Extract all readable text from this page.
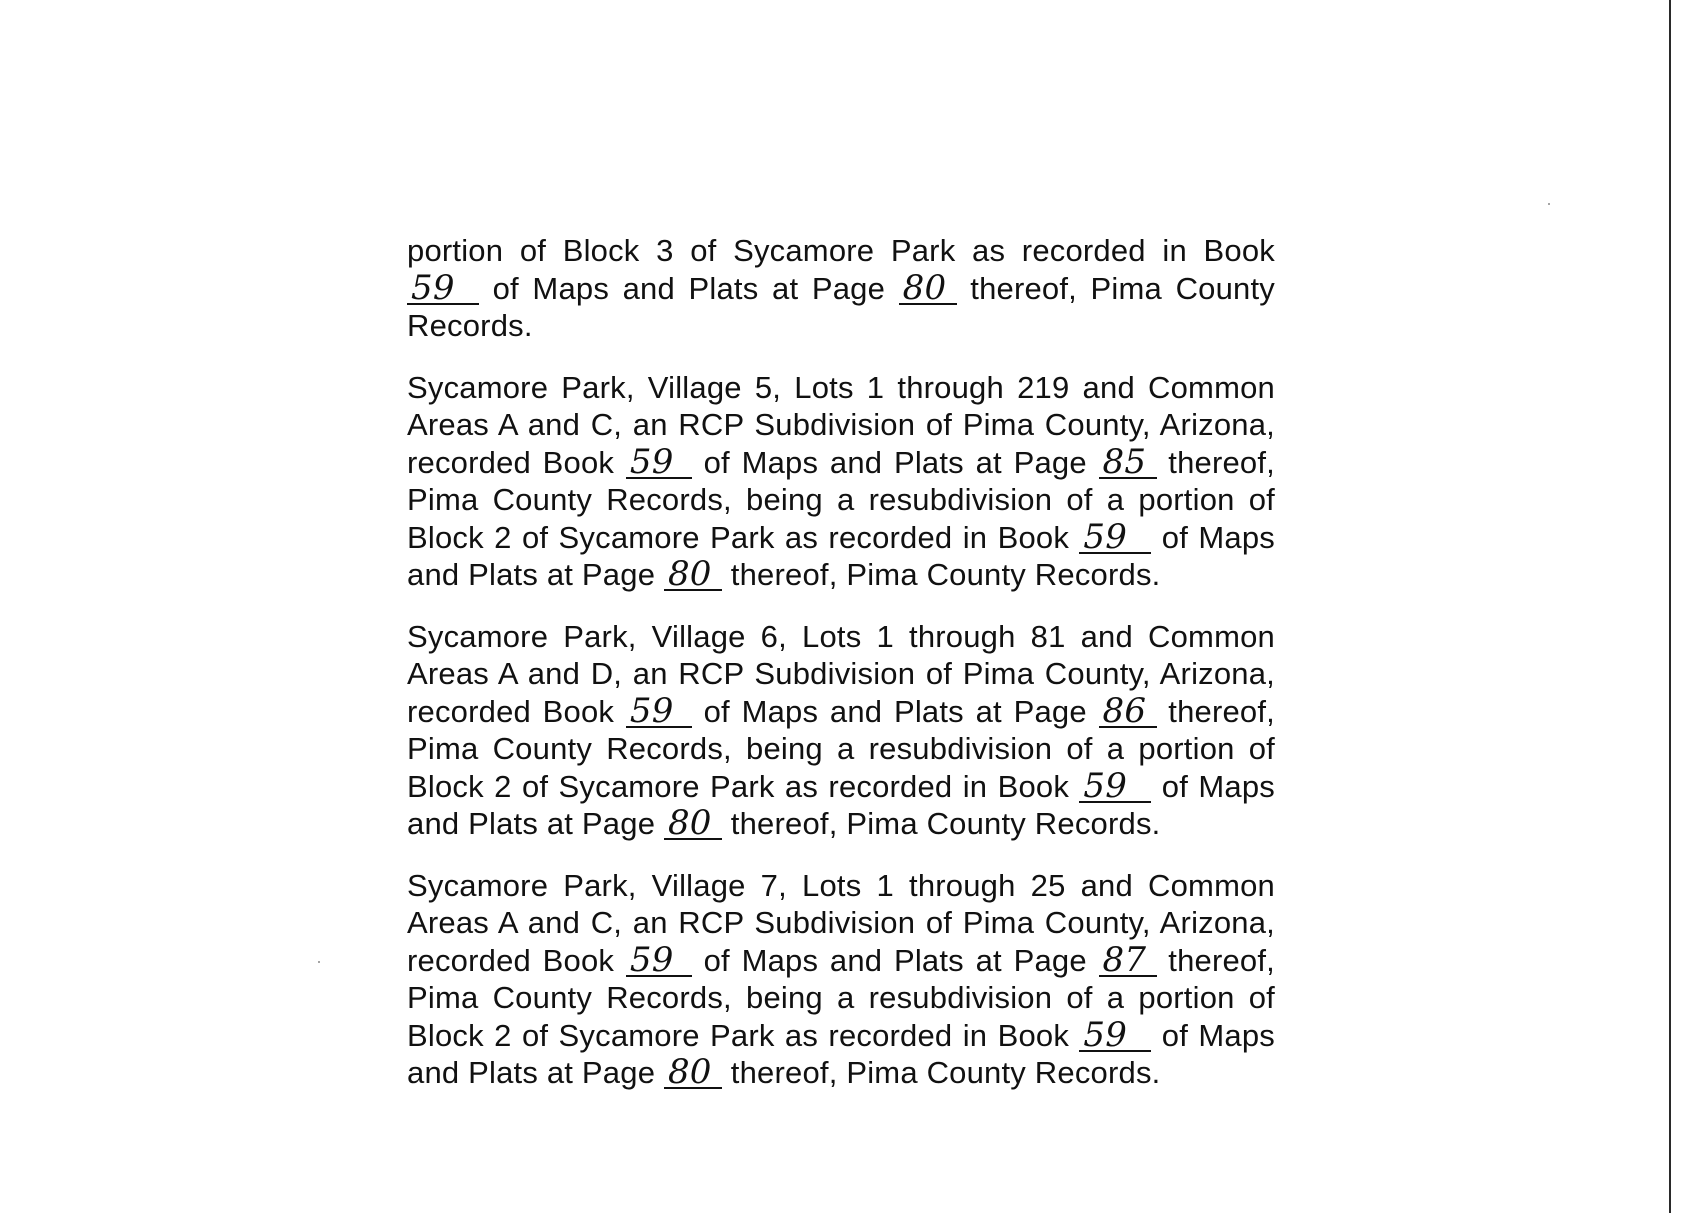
portion of Block 3 of Sycamore Park as recorded in Book 59 of Maps and Plats at Page 80 thereof, Pima County Records.

Sycamore Park, Village 5, Lots 1 through 219 and Common Areas A and C, an RCP Subdivision of Pima County, Arizona, recorded Book 59 of Maps and Plats at Page 85 thereof, Pima County Records, being a resubdivision of a portion of Block 2 of Sycamore Park as recorded in Book 59 of Maps and Plats at Page 80 thereof, Pima County Records.

Sycamore Park, Village 6, Lots 1 through 81 and Common Areas A and D, an RCP Subdivision of Pima County, Arizona, recorded Book 59 of Maps and Plats at Page 86 thereof, Pima County Records, being a resubdivision of a portion of Block 2 of Sycamore Park as recorded in Book 59 of Maps and Plats at Page 80 thereof, Pima County Records.

Sycamore Park, Village 7, Lots 1 through 25 and Common Areas A and C, an RCP Subdivision of Pima County, Arizona, recorded Book 59 of Maps and Plats at Page 87 thereof, Pima County Records, being a resubdivision of a portion of Block 2 of Sycamore Park as recorded in Book 59 of Maps and Plats at Page 80 thereof, Pima County Records.
